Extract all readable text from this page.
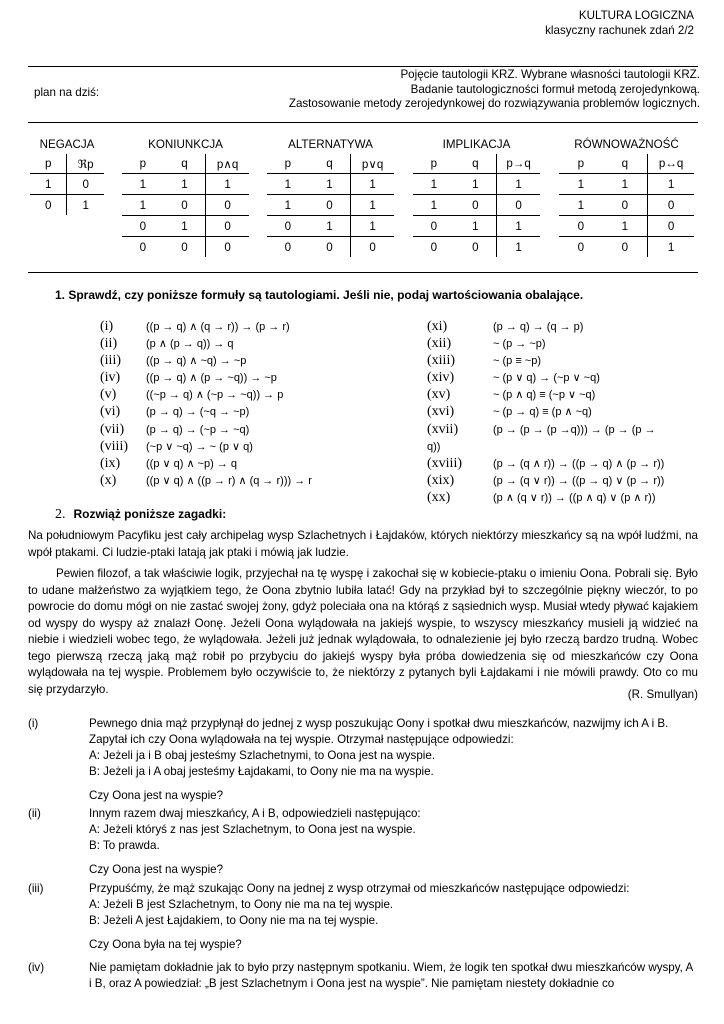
KULTURA LOGICZNA
klasyczny rachunek zdań 2/2
plan na dziś:
Pojęcie tautologii KRZ. Wybrane własności tautologii KRZ.
Badanie tautologiczności formuł metodą zerojedynkową.
Zastosowanie metody zerojedynkowej do rozwiązywania problemów logicznych.
NEGACJA
p	ℜp
1	0
0	1
KONIUNKCJA
p	q	p∧q
1	1	1
1	0	0
0	1	0
0	0	0
ALTERNATYWA
p	q	p∨q
1	1	1
1	0	1
0	1	1
0	0	0
IMPLIKACJA
p	q	p→q
1	1	1
1	0	0
0	1	1
0	0	1
RÓWNOWAŻNOŚĆ
p	q	p↔q
1	1	1
1	0	0
0	1	0
0	0	1
1. Sprawdź, czy poniższe formuły są tautologiami. Jeśli nie, podaj wartościowania obalające.
(i)	((p → q) ∧ (q → r)) → (p → r)
(ii)	(p ∧ (p → q)) → q
(iii) ((p → q) ∧ ~q) → ~p
(iv) ((p → q) ∧ (p → ~q)) → ~p
(v)	((~p → q) ∧ (~p → ~q)) → p
(vi) (p → q) → (~q → ~p)
(vii) (p → q) → (~p → ~q)
(viii) (~p ∨ ~q) → ~ (p ∨ q)
(ix) ((p ∨ q) ∧ ~p) → q
(x)	((p ∨ q) ∧ ((p → r) ∧ (q → r))) → r
(xi)	(p → q) → (q → p)
(xii)	~ (p → ~p)
(xiii)	~ (p ≡ ~p)
(xiv)	~ (p ∨ q) → (~p ∨ ~q)
(xv)	~ (p ∧ q) ≡ (~p ∨ ~q)
(xvi)	~ (p → q) ≡ (p ∧ ~q)
(xvii)	(p → (p → (p →q))) → (p → (p →
q))
(xviii)	(p → (q ∧ r)) → ((p → q) ∧ (p → r))
(xix)	(p → (q ∨ r)) → ((p → q) ∨ (p → r))
(xx)	(p ∧ (q ∨ r)) → ((p ∧ q) ∨ (p ∧ r))
2. Rozwiąż poniższe zagadki:
Na południowym Pacyfiku jest cały archipelag wysp Szlachetnych i Łajdaków, których niektórzy mieszkańcy są na wpół ludźmi, na wpół ptakami. Ci ludzie-ptaki latają jak ptaki i mówią jak ludzie.
Pewien filozof, a tak właściwie logik, przyjechał na tę wyspę i zakochał się w kobiecie-ptaku o imieniu Oona. Pobrali się. Było to udane małżeństwo za wyjątkiem tego, że Oona zbytnio lubiła latać! Gdy na przykład był to szczególnie piękny wieczór, to po powrocie do domu mógł on nie zastać swojej żony, gdyż poleciała ona na którąś z sąsiednich wysp. Musiał wtedy pływać kajakiem od wyspy do wyspy aż znalazł Oonę. Jeżeli Oona wylądowała na jakiejś wyspie, to wszyscy mieszkańcy musieli ją widzieć na niebie i wiedzieli wobec tego, że wylądowała. Jeżeli już jednak wylądowała, to odnalezienie jej było rzeczą bardzo trudną. Wobec tego pierwszą rzeczą jaką mąż robił po przybyciu do jakiejś wyspy była próba dowiedzenia się od mieszkańców czy Oona wylądowała na tej wyspie. Problemem było oczywiście to, że niektórzy z pytanych byli Łajdakami i nie mówili prawdy. Oto co mu się przydarzyło.	(R. Smullyan)
(i)	Pewnego dnia mąż przypłynął do jednej z wysp poszukując Oony i spotkał dwu mieszkańców, nazwijmy ich A i B. Zapytał ich czy Oona wylądowała na tej wyspie. Otrzymał następujące odpowiedzi:
A: Jeżeli ja i B obaj jesteśmy Szlachetnymi, to Oona jest na wyspie.
B: Jeżeli ja i A obaj jesteśmy Łajdakami, to Oony nie ma na wyspie.
Czy Oona jest na wyspie?
(ii)	Innym razem dwaj mieszkańcy, A i B, odpowiedzieli następująco:
A: Jeżeli któryś z nas jest Szlachetnym, to Oona jest na wyspie.
B: To prawda.
Czy Oona jest na wyspie?
(iii)	Przypuśćmy, że mąż szukając Oony na jednej z wysp otrzymał od mieszkańców następujące odpowiedzi:
A: Jeżeli B jest Szlachetnym, to Oony nie ma na tej wyspie.
B: Jeżeli A jest Łajdakiem, to Oony nie ma na tej wyspie.
Czy Oona była na tej wyspie?
(iv)	Nie pamiętam dokładnie jak to było przy następnym spotkaniu. Wiem, że logik ten spotkał dwu mieszkańców wyspy, A i B, oraz A powiedział: „B jest Szlachetnym i Oona jest na wyspie”. Nie pamiętam niestety dokładnie co
